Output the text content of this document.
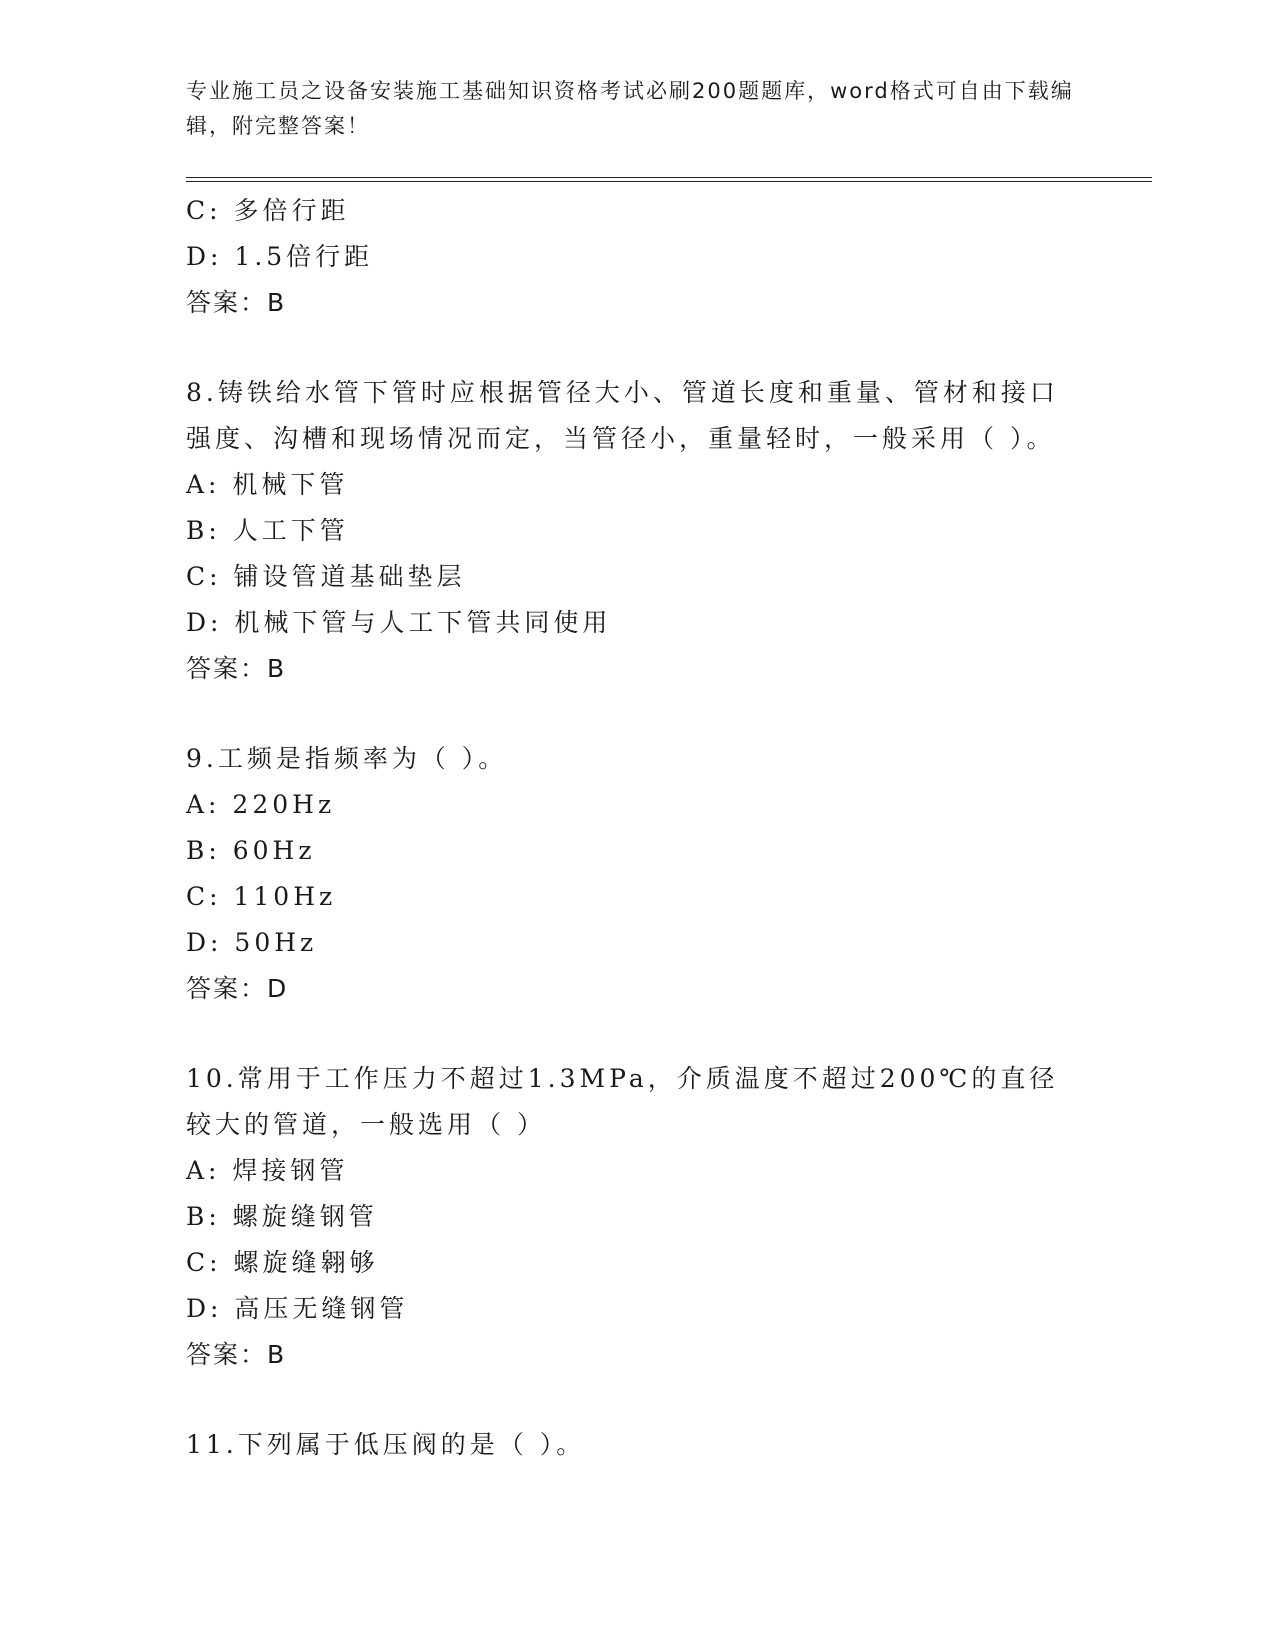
专业施工员之设备安装施工基础知识资格考试必刷200题题库，word格式可自由下载编辑，附完整答案！
C: 多倍行距
D: 1.5倍行距
答案：B
8.铸铁给水管下管时应根据管径大小、管道长度和重量、管材和接口强度、沟槽和现场情况而定，当管径小，重量轻时，一般采用（ ）。
A: 机械下管
B: 人工下管
C: 铺设管道基础垫层
D: 机械下管与人工下管共同使用
答案：B
9.工频是指频率为（ ）。
A: 220Hz
B: 60Hz
C: 110Hz
D: 50Hz
答案：D
10.常用于工作压力不超过1.3MPa，介质温度不超过200℃的直径较大的管道，一般选用（ ）
A: 焊接钢管
B: 螺旋缝钢管
C: 螺旋缝翱够
D: 高压无缝钢管
答案：B
11.下列属于低压阀的是（ ）。
